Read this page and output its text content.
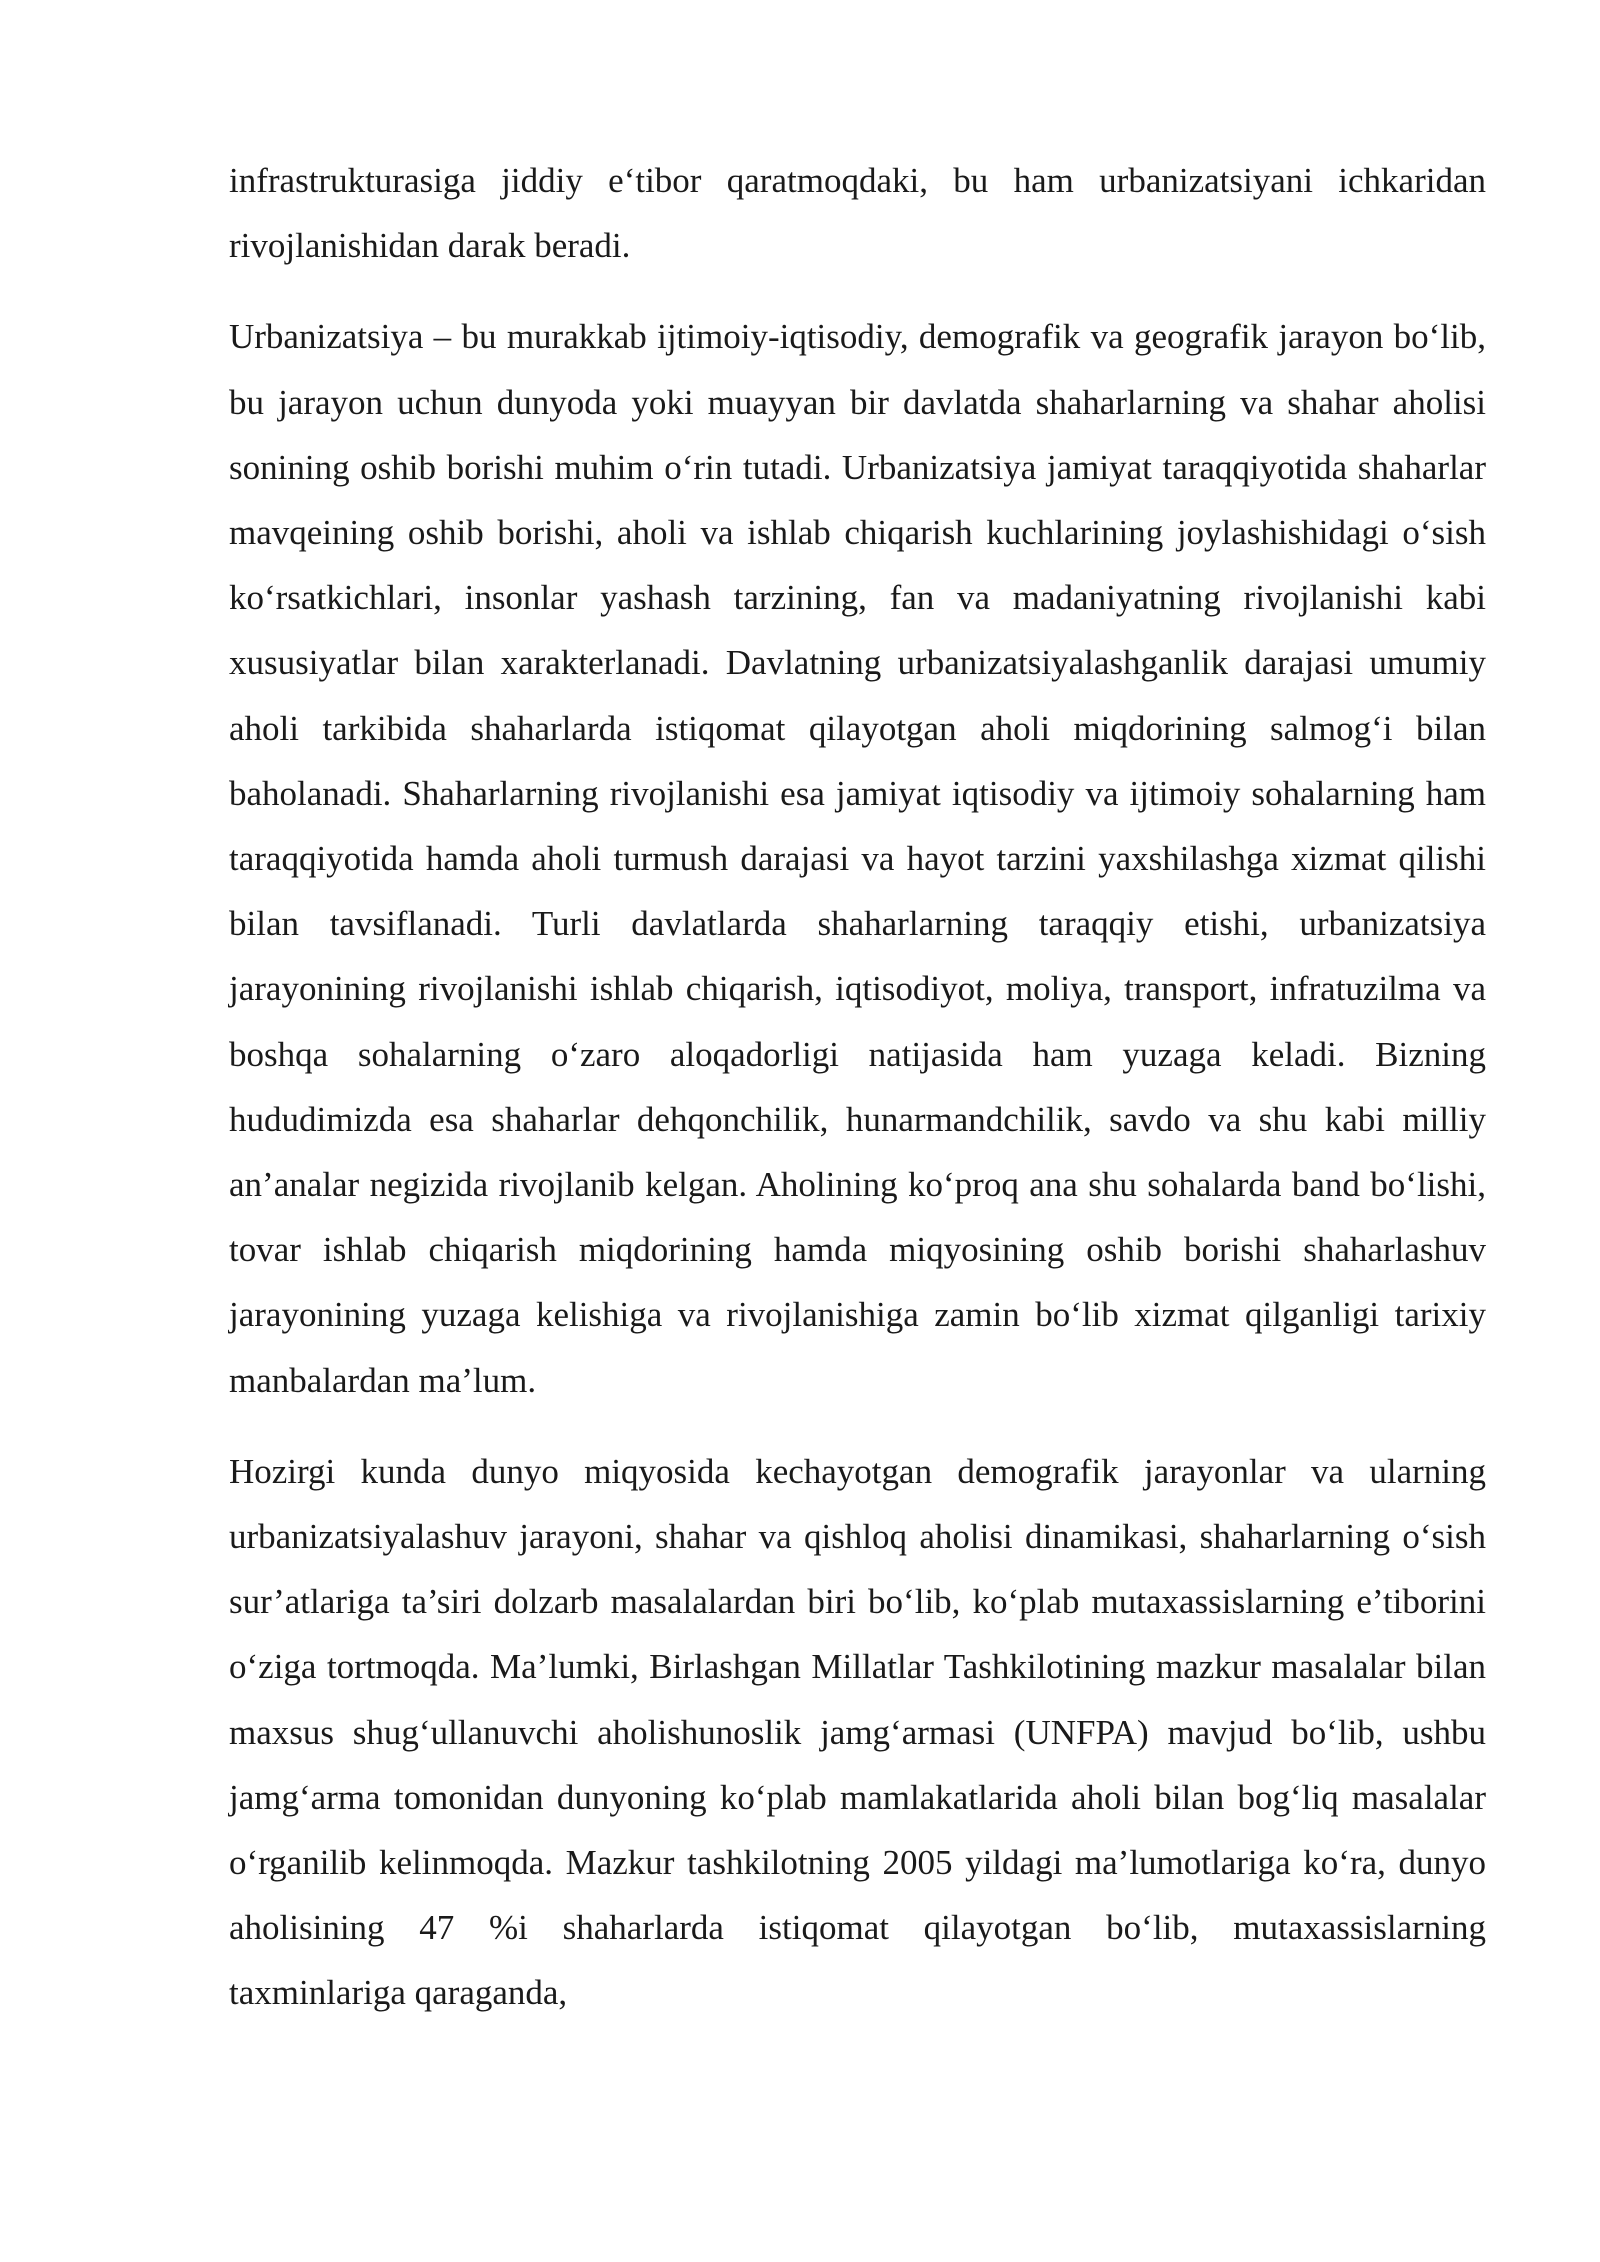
infrastrukturasiga jiddiy e‘tibor qaratmoqdaki, bu ham urbanizatsiyani ichkaridan rivojlanishidan darak beradi.

Urbanizatsiya – bu murakkab ijtimoiy-iqtisodiy, demografik va geografik jarayon bo‘lib, bu jarayon uchun dunyoda yoki muayyan bir davlatda shaharlarning va shahar aholisi sonining oshib borishi muhim o‘rin tutadi. Urbanizatsiya jamiyat taraqqiyotida shaharlar mavqeining oshib borishi, aholi va ishlab chiqarish kuchlarining joylashishidagi o‘sish ko‘rsatkichlari, insonlar yashash tarzining, fan va madaniyatning rivojlanishi kabi xususiyatlar bilan xarakterlanadi. Davlatning urbanizatsiyalashganlik darajasi umumiy aholi tarkibida shaharlarda istiqomat qilayotgan aholi miqdorining salmog‘i bilan baholanadi. Shaharlarning rivojlanishi esa jamiyat iqtisodiy va ijtimoiy sohalarning ham taraqqiyotida hamda aholi turmush darajasi va hayot tarzini yaxshilashga xizmat qilishi bilan tavsiflanadi. Turli davlatlarda shaharlarning taraqqiy etishi, urbanizatsiya jarayonining rivojlanishi ishlab chiqarish, iqtisodiyot, moliya, transport, infratuzilma va boshqa sohalarning o‘zaro aloqadorligi natijasida ham yuzaga keladi. Bizning hududimizda esa shaharlar dehqonchilik, hunarmandchilik, savdo va shu kabi milliy an’analar negizida rivojlanib kelgan. Aholining ko‘proq ana shu sohalarda band bo‘lishi, tovar ishlab chiqarish miqdorining hamda miqyosining oshib borishi shaharlashuv jarayonining yuzaga kelishiga va rivojlanishiga zamin bo‘lib xizmat qilganligi tarixiy manbalardan ma’lum.

Hozirgi kunda dunyo miqyosida kechayotgan demografik jarayonlar va ularning urbanizatsiyalashuv jarayoni, shahar va qishloq aholisi dinamikasi, shaharlarning o‘sish sur’atlariga ta’siri dolzarb masalalardan biri bo‘lib, ko‘plab mutaxassislarning e’tiborini o‘ziga tortmoqda. Ma’lumki, Birlashgan Millatlar Tashkilotining mazkur masalalar bilan maxsus shug‘ullanuvchi aholishunoslik jamg‘armasi (UNFPA) mavjud bo‘lib, ushbu jamg‘arma tomonidan dunyoning ko‘plab mamlakatlarida aholi bilan bog‘liq masalalar o‘rganilib kelinmoqda. Mazkur tashkilotning 2005 yildagi ma’lumotlariga ko‘ra, dunyo aholisining 47 %i shaharlarda istiqomat qilayotgan bo‘lib, mutaxassislarning taxminlariga qaraganda,
